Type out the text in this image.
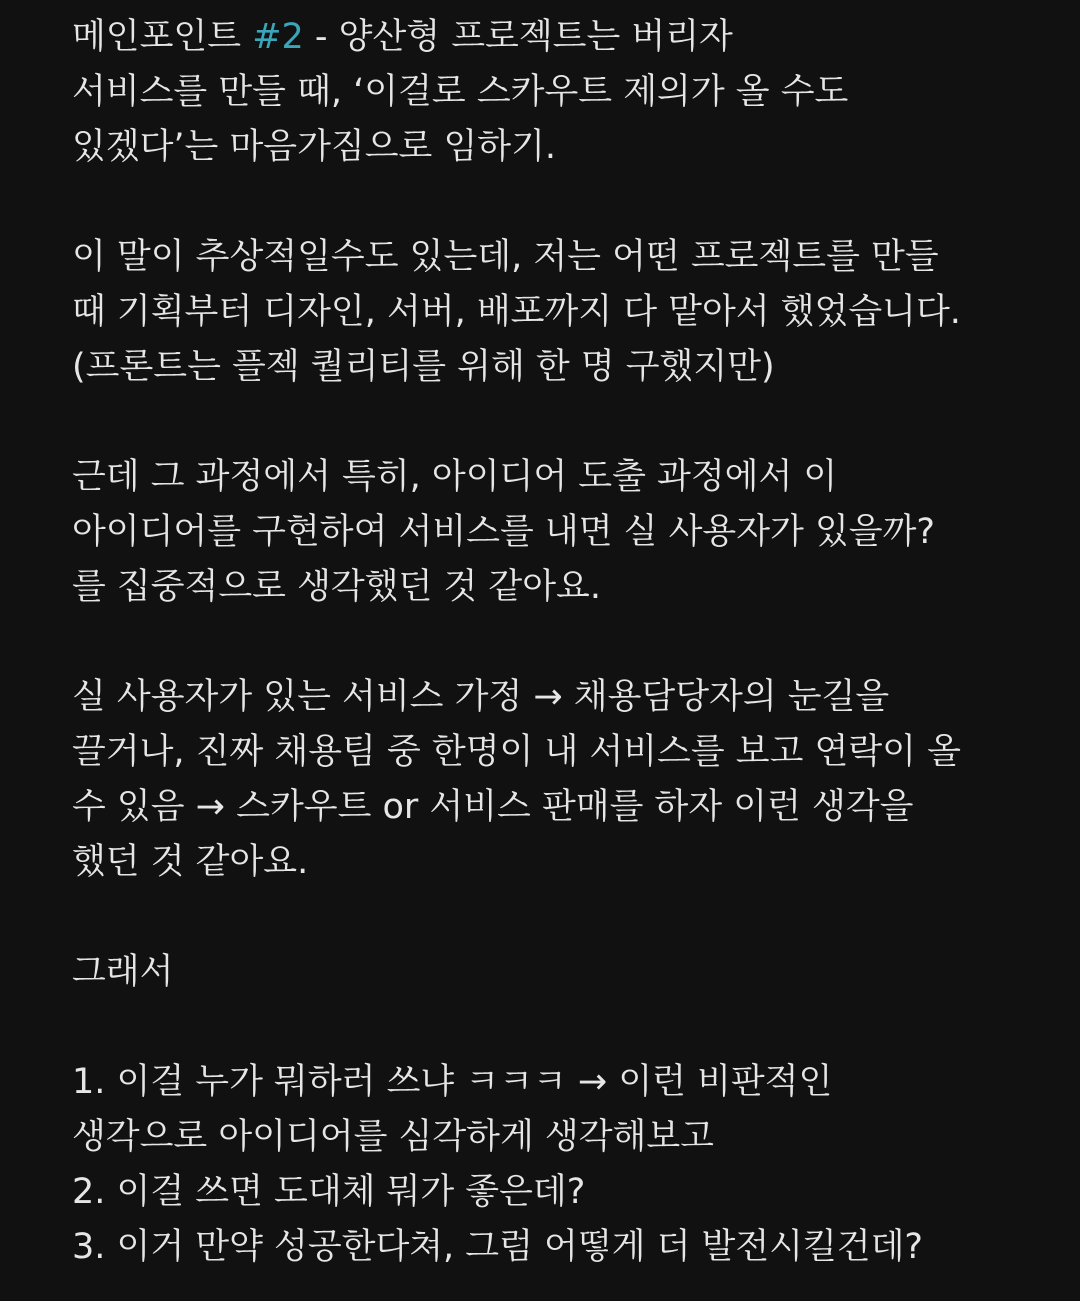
메인포인트 #2 - 양산형 프로젝트는 버리자
서비스를 만들 때, ‘이걸로 스카우트 제의가 올 수도
있겠다’는 마음가짐으로 임하기.
이 말이 추상적일수도 있는데, 저는 어떤 프로젝트를 만들
때 기획부터 디자인, 서버, 배포까지 다 맡아서 했었습니다.
(프론트는 플젝 퀄리티를 위해 한 명 구했지만)
근데 그 과정에서 특히, 아이디어 도출 과정에서 이
아이디어를 구현하여 서비스를 내면 실 사용자가 있을까?
를 집중적으로 생각했던 것 같아요.
실 사용자가 있는 서비스 가정 → 채용담당자의 눈길을
끌거나, 진짜 채용팀 중 한명이 내 서비스를 보고 연락이 올
수 있음 → 스카우트 or 서비스 판매를 하자 이런 생각을
했던 것 같아요.
그래서
1. 이걸 누가 뭐하러 쓰냐 ㅋㅋㅋ → 이런 비판적인
생각으로 아이디어를 심각하게 생각해보고
2. 이걸 쓰면 도대체 뭐가 좋은데?
3. 이거 만약 성공한다쳐, 그럼 어떻게 더 발전시킬건데?
